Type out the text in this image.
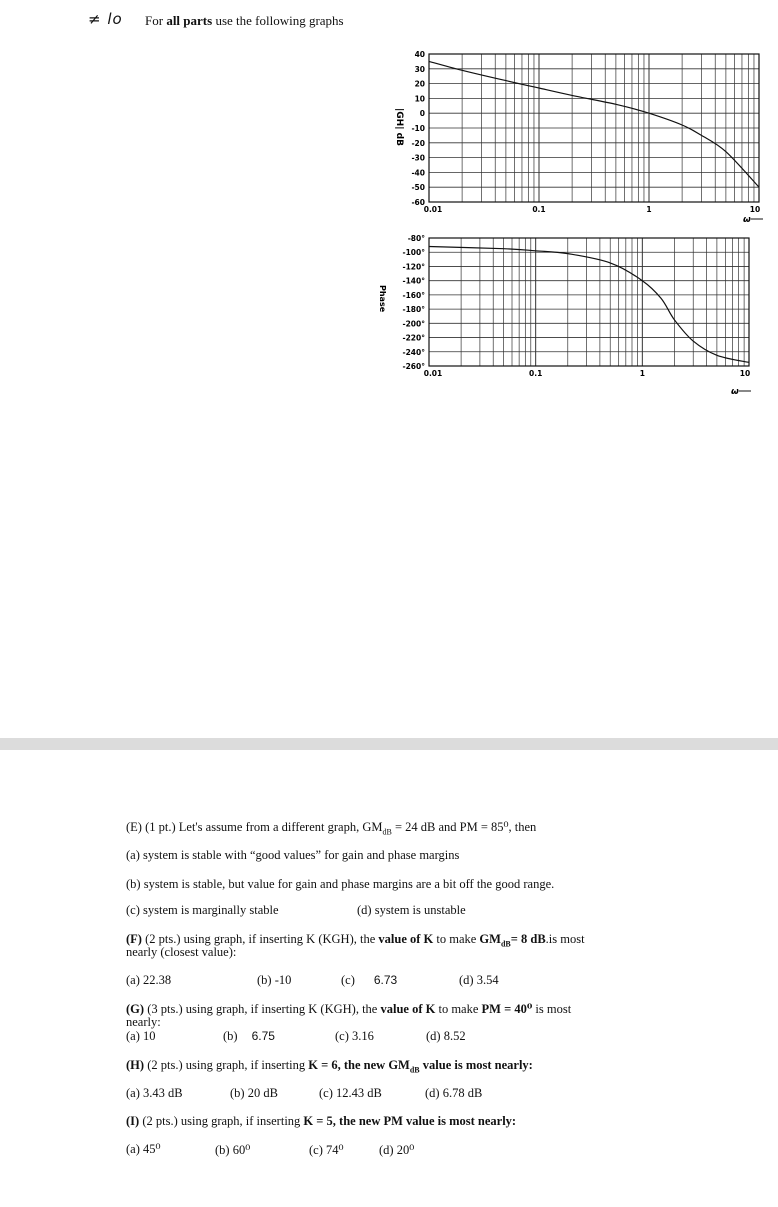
≠ lo For all parts use the following graphs
40
30
20
10
0
-10
-20
-30
-40
-50
-60
0.01	0.1	1	10
|GH| dB
ω
-80°
-100°
-120°
-140°
-160°
-180°
-200°
-220°
-240°
-260°
0.01	0.1	1	10
Phase
ω
(E) (1 pt.) Let's assume from a different graph, $GM_{dB} = 24$ dB and PM = 85⁰, then
(a) system is stable with “good values” for gain and phase margins
(b) system is stable, but value for gain and phase margins are a bit off the good range.
(c) system is marginally stable	(d) system is unstable
(F) (2 pts.) using graph, if inserting K (KGH), the value of K to make $GM_{dB}= 8$ dB.is most
nearly (closest value):
(a) 22.38	(b) -10	(c) 6.73	(d) 3.54
(G) (3 pts.) using graph, if inserting K (KGH), the value of K to make PM = 40⁰ is most
nearly:
(a) 10	(b) 6.75	(c) 3.16	(d) 8.52
(H) (2 pts.) using graph, if inserting K = 6, the new $GM_{dB}$ value is most nearly:
(a) 3.43 dB	(b) 20 dB	(c) 12.43 dB	(d) 6.78 dB
(I) (2 pts.) using graph, if inserting K = 5, the new PM value is most nearly:
(a) 45⁰	(b) 60⁰	(c) 74⁰	(d) 20⁰
